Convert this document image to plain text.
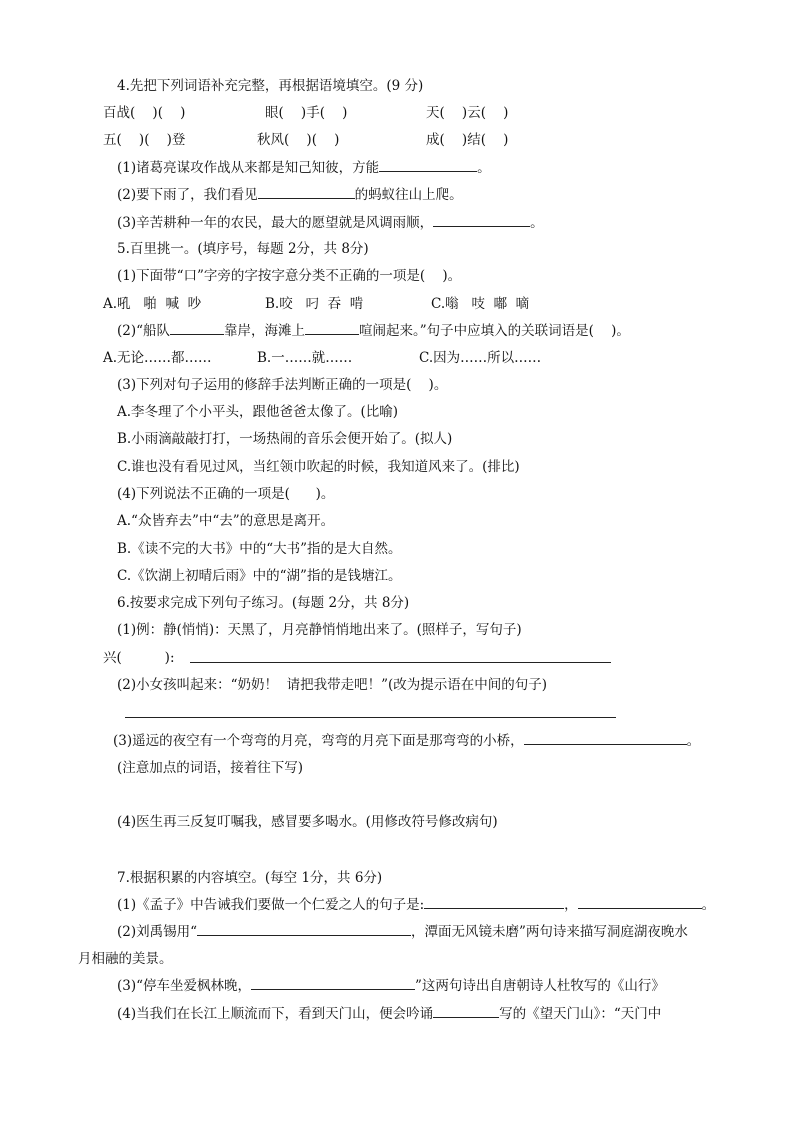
4.先把下列词语补充完整，再根据语境填空。(9 分)
百战(    )(    )	眼(    )手(    )	天(    )云(    )
五(    )(    )登	秋风(    )(    )	成(    )结(    )
(1)诸葛亮谋攻作战从来都是知己知彼，方能	。
(2)要下雨了，我们看见	的蚂蚁往山上爬。
(3)辛苦耕种一年的农民，最大的愿望就是风调雨顺，	。
5.百里挑一。(填序号，每题 2分，共 8分)
(1)下面带“口”字旁的字按字意分类不正确的一项是(    )。
A.吼   啪  喊  吵	B.咬   叼  吞  啃	C.嗡   吱  嘟  嘀
(2)“船队	靠岸，海滩上	喧闹起来。”句子中应填入的关联词语是(    )。
A.无论……都……	B.一……就……	C.因为……所以……
(3)下列对句子运用的修辞手法判断正确的一项是(    )。
A.李冬理了个小平头，跟他爸爸太像了。(比喻)
B.小雨滴敲敲打打，一场热闹的音乐会便开始了。(拟人)
C.谁也没有看见过风，当红领巾吹起的时候，我知道风来了。(排比)
(4)下列说法不正确的一项是(      )。
A.“众皆弃去”中“去”的意思是离开。
B.《读不完的大书》中的“大书”指的是大自然。
C.《饮湖上初晴后雨》中的“湖”指的是钱塘江。
6.按要求完成下列句子练习。(每题 2分，共 8分)
(1)例：静(悄悄)：天黑了，月亮静悄悄地出来了。(照样子，写句子)
兴(          ):
(2)小女孩叫起来：“奶奶！  请把我带走吧！”(改为提示语在中间的句子)
(3)遥远的夜空有一个弯弯的月亮，弯弯的月亮下面是那弯弯的小桥，	。
(注意加点的词语，接着往下写)
(4)医生再三反复叮嘱我，感冒要多喝水。(用修改符号修改病句)
7.根据积累的内容填空。(每空 1分，共 6分)
(1)《孟子》中告诫我们要做一个仁爱之人的句子是:	，	。
(2)刘禹锡用“	，潭面无风镜未磨”两句诗来描写洞庭湖夜晚水
月相融的美景。
(3)“停车坐爱枫林晚，	”这两句诗出自唐朝诗人杜牧写的《山行》
(4)当我们在长江上顺流而下，看到天门山，便会吟诵	写的《望天门山》：“天门中
